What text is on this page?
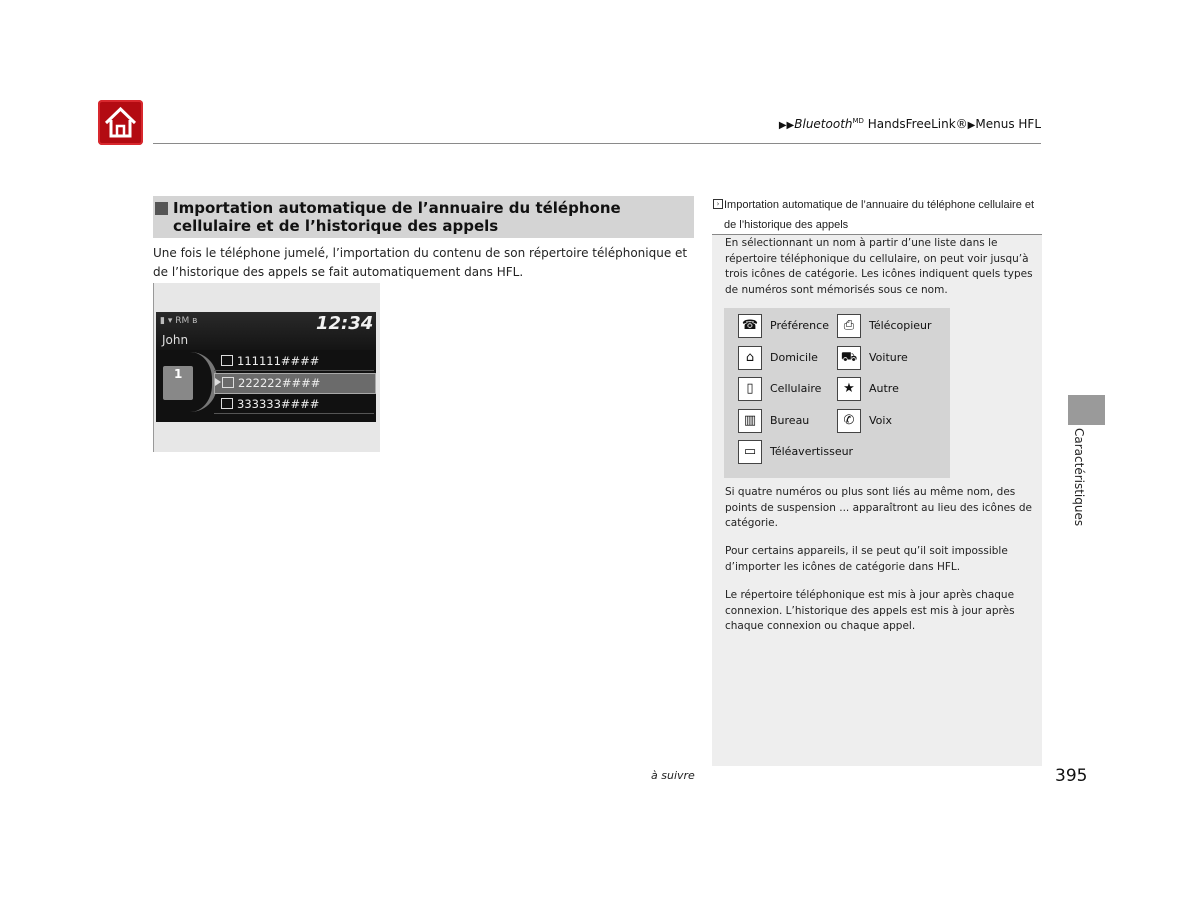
▶▶Bluetooth$^{MD}$ HandsFreeLink®▶Menus HFL
Importation automatique de l’annuaire du téléphone cellulaire et de l’historique des appels
Une fois le téléphone jumelé, l’importation du contenu de son répertoire téléphonique et de l’historique des appels se fait automatiquement dans HFL.
▮ ▾ RM ʙ	12:34
John
1
111111####
222222####
333333####
› Importation automatique de l’annuaire du téléphone cellulaire et de l’historique des appels
En sélectionnant un nom à partir d’une liste dans le répertoire téléphonique du cellulaire, on peut voir jusqu’à trois icônes de catégorie. Les icônes indiquent quels types de numéros sont mémorisés sous ce nom.
☎	Préférence	⎙	Télécopieur
⌂	Domicile ⛟	Voiture
▯	Cellulaire	★	Autre
▥	Bureau	✆	Voix
▭	Téléavertisseur
Si quatre numéros ou plus sont liés au même nom, des points de suspension ... apparaîtront au lieu des icônes de catégorie.
Pour certains appareils, il se peut qu’il soit impossible d’importer les icônes de catégorie dans HFL.
Le répertoire téléphonique est mis à jour après chaque connexion. L’historique des appels est mis à jour après chaque connexion ou chaque appel.
Caractéristiques
à suivre	395
